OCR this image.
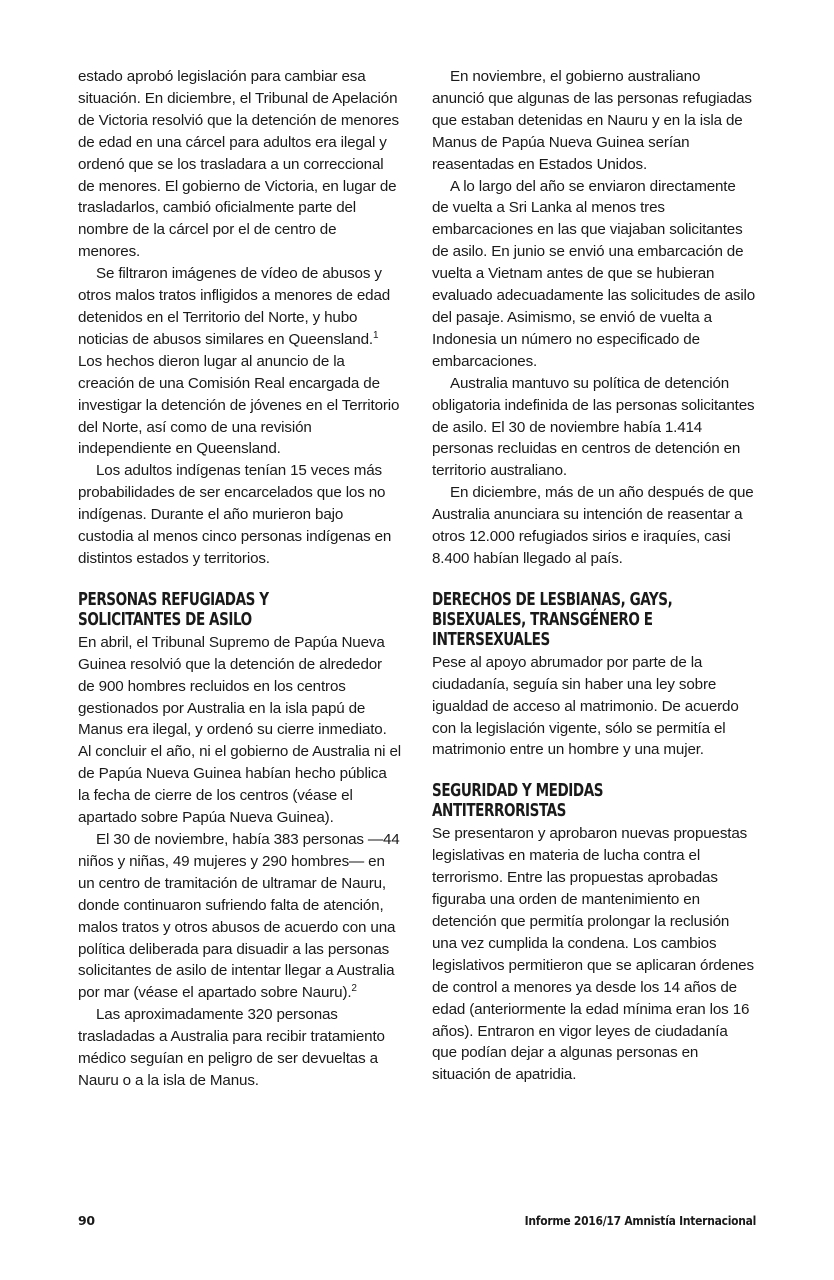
estado aprobó legislación para cambiar esa situación. En diciembre, el Tribunal de Apelación de Victoria resolvió que la detención de menores de edad en una cárcel para adultos era ilegal y ordenó que se los trasladara a un correccional de menores. El gobierno de Victoria, en lugar de trasladarlos, cambió oficialmente parte del nombre de la cárcel por el de centro de menores.

Se filtraron imágenes de vídeo de abusos y otros malos tratos infligidos a menores de edad detenidos en el Territorio del Norte, y hubo noticias de abusos similares en Queensland.$^1$ Los hechos dieron lugar al anuncio de la creación de una Comisión Real encargada de investigar la detención de jóvenes en el Territorio del Norte, así como de una revisión independiente en Queensland.

Los adultos indígenas tenían 15 veces más probabilidades de ser encarcelados que los no indígenas. Durante el año murieron bajo custodia al menos cinco personas indígenas en distintos estados y territorios.

PERSONAS REFUGIADAS Y
SOLICITANTES DE ASILO

En abril, el Tribunal Supremo de Papúa Nueva Guinea resolvió que la detención de alrededor de 900 hombres recluidos en los centros gestionados por Australia en la isla papú de Manus era ilegal, y ordenó su cierre inmediato. Al concluir el año, ni el gobierno de Australia ni el de Papúa Nueva Guinea habían hecho pública la fecha de cierre de los centros (véase el apartado sobre Papúa Nueva Guinea).

El 30 de noviembre, había 383 personas —44 niños y niñas, 49 mujeres y 290 hombres— en un centro de tramitación de ultramar de Nauru, donde continuaron sufriendo falta de atención, malos tratos y otros abusos de acuerdo con una política deliberada para disuadir a las personas solicitantes de asilo de intentar llegar a Australia por mar (véase el apartado sobre Nauru).$^2$

Las aproximadamente 320 personas trasladadas a Australia para recibir tratamiento médico seguían en peligro de ser devueltas a Nauru o a la isla de Manus.

En noviembre, el gobierno australiano anunció que algunas de las personas refugiadas que estaban detenidas en Nauru y en la isla de Manus de Papúa Nueva Guinea serían reasentadas en Estados Unidos.

A lo largo del año se enviaron directamente de vuelta a Sri Lanka al menos tres embarcaciones en las que viajaban solicitantes de asilo. En junio se envió una embarcación de vuelta a Vietnam antes de que se hubieran evaluado adecuadamente las solicitudes de asilo del pasaje. Asimismo, se envió de vuelta a Indonesia un número no especificado de embarcaciones.

Australia mantuvo su política de detención obligatoria indefinida de las personas solicitantes de asilo. El 30 de noviembre había 1.414 personas recluidas en centros de detención en territorio australiano.

En diciembre, más de un año después de que Australia anunciara su intención de reasentar a otros 12.000 refugiados sirios e iraquíes, casi 8.400 habían llegado al país.

DERECHOS DE LESBIANAS, GAYS,
BISEXUALES, TRANSGÉNERO E
INTERSEXUALES

Pese al apoyo abrumador por parte de la ciudadanía, seguía sin haber una ley sobre igualdad de acceso al matrimonio. De acuerdo con la legislación vigente, sólo se permitía el matrimonio entre un hombre y una mujer.

SEGURIDAD Y MEDIDAS
ANTITERRORISTAS

Se presentaron y aprobaron nuevas propuestas legislativas en materia de lucha contra el terrorismo. Entre las propuestas aprobadas figuraba una orden de mantenimiento en detención que permitía prolongar la reclusión una vez cumplida la condena. Los cambios legislativos permitieron que se aplicaran órdenes de control a menores ya desde los 14 años de edad (anteriormente la edad mínima eran los 16 años). Entraron en vigor leyes de ciudadanía que podían dejar a algunas personas en situación de apatridia.

90	Informe 2016/17 Amnistía Internacional
